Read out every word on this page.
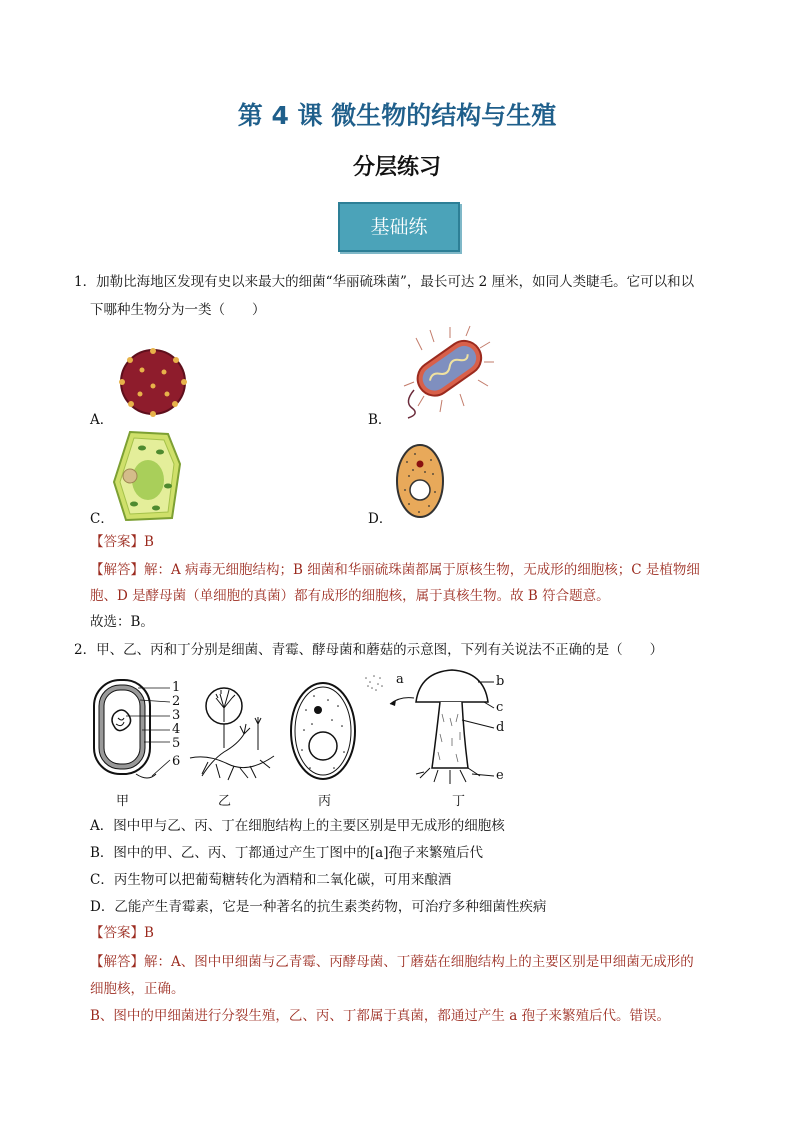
第 4 课 微生物的结构与生殖
分层练习
基础练
1．加勒比海地区发现有史以来最大的细菌“华丽硫珠菌”，最长可达 2 厘米，如同人类睫毛。它可以和以
下哪种生物分为一类（　　）
A．	B．
C．	D．
【答案】B
【解答】解：A 病毒无细胞结构；B 细菌和华丽硫珠菌都属于原核生物，无成形的细胞核；C 是植物细
胞、D 是酵母菌（单细胞的真菌）都有成形的细胞核，属于真核生物。故 B 符合题意。
故选：B。
2．甲、乙、丙和丁分别是细菌、青霉、酵母菌和蘑菇的示意图，下列有关说法不正确的是（　　）
1
2
3
4
5
6
甲	乙	丙
a	b
c
d
e
丁
A．图中甲与乙、丙、丁在细胞结构上的主要区别是甲无成形的细胞核
B．图中的甲、乙、丙、丁都通过产生丁图中的[a]孢子来繁殖后代
C．丙生物可以把葡萄糖转化为酒精和二氧化碳，可用来酿酒
D．乙能产生青霉素，它是一种著名的抗生素类药物，可治疗多种细菌性疾病
【答案】B
【解答】解：A、图中甲细菌与乙青霉、丙酵母菌、丁蘑菇在细胞结构上的主要区别是甲细菌无成形的
细胞核，正确。
B、图中的甲细菌进行分裂生殖，乙、丙、丁都属于真菌，都通过产生 a 孢子来繁殖后代。错误。
